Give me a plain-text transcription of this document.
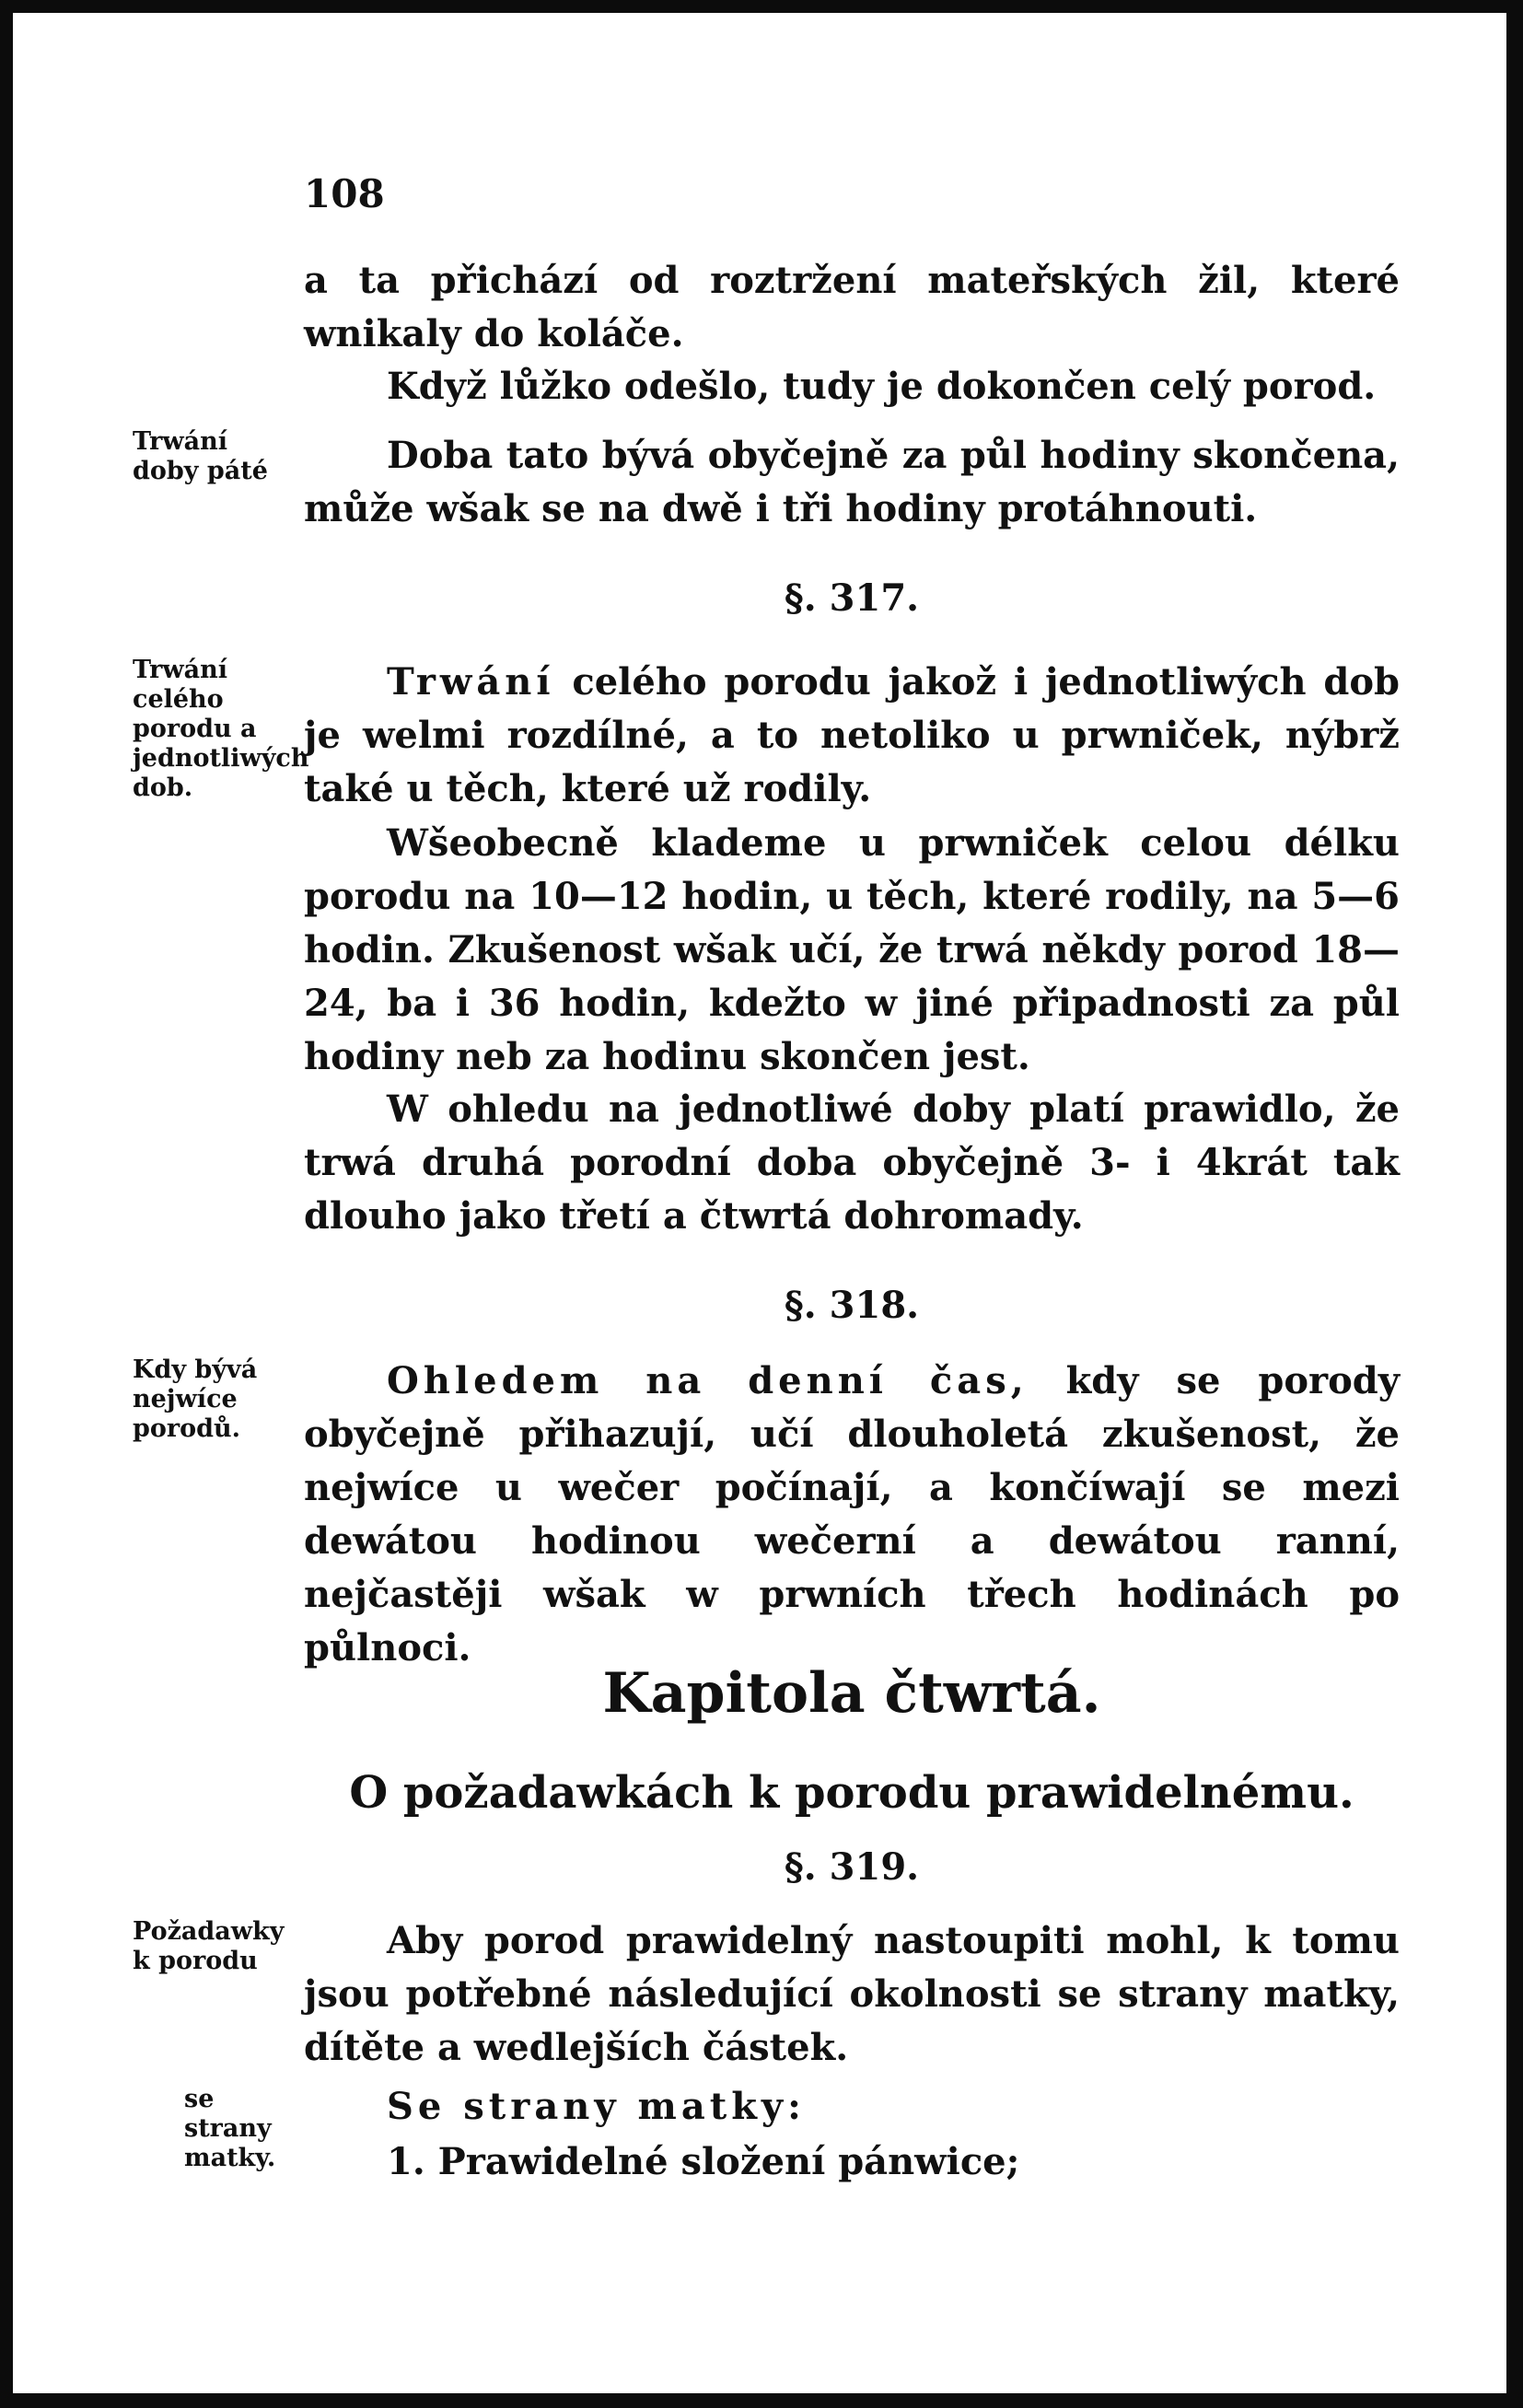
108
Trwání doby páté
Trwání celého porodu a jednotliwých dob.
Kdy bývá nejwíce porodů.
Požadawky k porodu
se strany matky.
a ta přichází od roztržení mateřských žil, které wnikaly do koláče.
Když lůžko odešlo, tudy je dokončen celý porod.
Doba tato bývá obyčejně za půl hodiny skončena, může wšak se na dwě i tři hodiny protáhnouti.
§. 317.
Trwání celého porodu jakož i jednotliwých dob je welmi rozdílné, a to netoliko u prwniček, nýbrž také u těch, které už rodily.
Wšeobecně klademe u prwniček celou délku porodu na 10—12 hodin, u těch, které rodily, na 5—6 hodin. Zkušenost wšak učí, že trwá někdy porod 18—24, ba i 36 hodin, kdežto w jiné připadnosti za půl hodiny neb za hodinu skončen jest.
W ohledu na jednotliwé doby platí prawidlo, že trwá druhá porodní doba obyčejně 3- i 4krát tak dlouho jako třetí a čtwrtá dohromady.
§. 318.
Ohledem na denní čas, kdy se porody obyčejně přihazují, učí dlouholetá zkušenost, že nejwíce u wečer počínají, a končíwají se mezi dewátou hodinou wečerní a dewátou ranní, nejčastěji wšak w prwních třech hodinách po půlnoci.
Kapitola čtwrtá.
O požadawkách k porodu prawidelnému.
§. 319.
Aby porod prawidelný nastoupiti mohl, k tomu jsou potřebné následující okolnosti se strany matky, dítěte a wedlejších částek.
Se strany matky:
1. Prawidelné složení pánwice;
